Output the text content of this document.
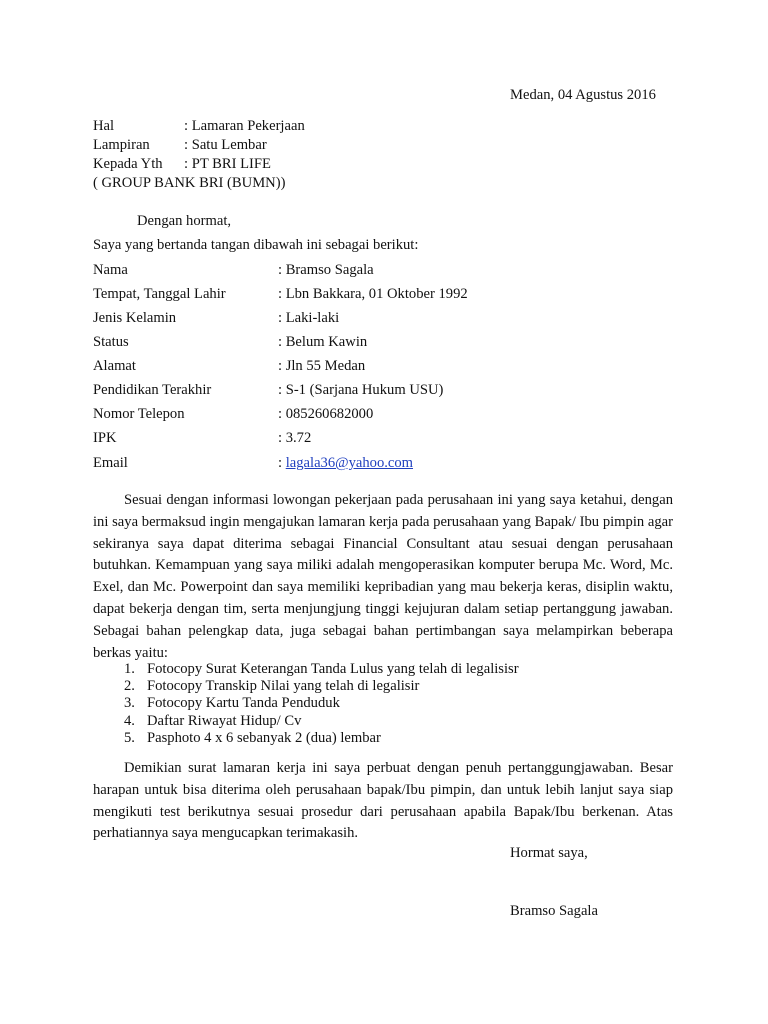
Medan, 04 Agustus 2016
Hal	: Lamaran Pekerjaan
Lampiran : Satu Lembar
Kepada Yth : PT BRI LIFE
( GROUP BANK BRI (BUMN))
Dengan hormat,
Saya yang bertanda tangan dibawah ini sebagai berikut:
Nama	: Bramso Sagala
Tempat, Tanggal Lahir	: Lbn Bakkara, 01 Oktober 1992
Jenis Kelamin	: Laki-laki
Status	: Belum Kawin
Alamat	: Jln 55 Medan
Pendidikan Terakhir	: S-1 (Sarjana Hukum USU)
Nomor Telepon	: 085260682000
IPK	: 3.72
Email	: lagala36@yahoo.com

Sesuai dengan informasi lowongan pekerjaan pada perusahaan ini yang saya ketahui, dengan ini saya bermaksud ingin mengajukan lamaran kerja pada perusahaan yang Bapak/ Ibu pimpin agar sekiranya saya dapat diterima sebagai Financial Consultant atau sesuai dengan perusahaan butuhkan. Kemampuan yang saya miliki adalah mengoperasikan komputer berupa Mc. Word, Mc. Exel, dan Mc. Powerpoint dan saya memiliki kepribadian yang mau bekerja keras, disiplin waktu, dapat bekerja dengan tim, serta menjungjung tinggi kejujuran dalam setiap pertanggung jawaban. Sebagai bahan pelengkap data, juga sebagai bahan pertimbangan saya melampirkan beberapa berkas yaitu:

1. Fotocopy Surat Keterangan Tanda Lulus yang telah di legalisisr
2. Fotocopy Transkip Nilai yang telah di legalisir
3. Fotocopy Kartu Tanda Penduduk
4. Daftar Riwayat Hidup/ Cv
5. Pasphoto 4 x 6 sebanyak 2 (dua) lembar

Demikian surat lamaran kerja ini saya perbuat dengan penuh pertanggungjawaban. Besar harapan untuk bisa diterima oleh perusahaan bapak/Ibu pimpin, dan untuk lebih lanjut saya siap mengikuti test berikutnya sesuai prosedur dari perusahaan apabila Bapak/Ibu berkenan. Atas perhatiannya saya mengucapkan terimakasih.

Hormat saya,
Bramso Sagala
